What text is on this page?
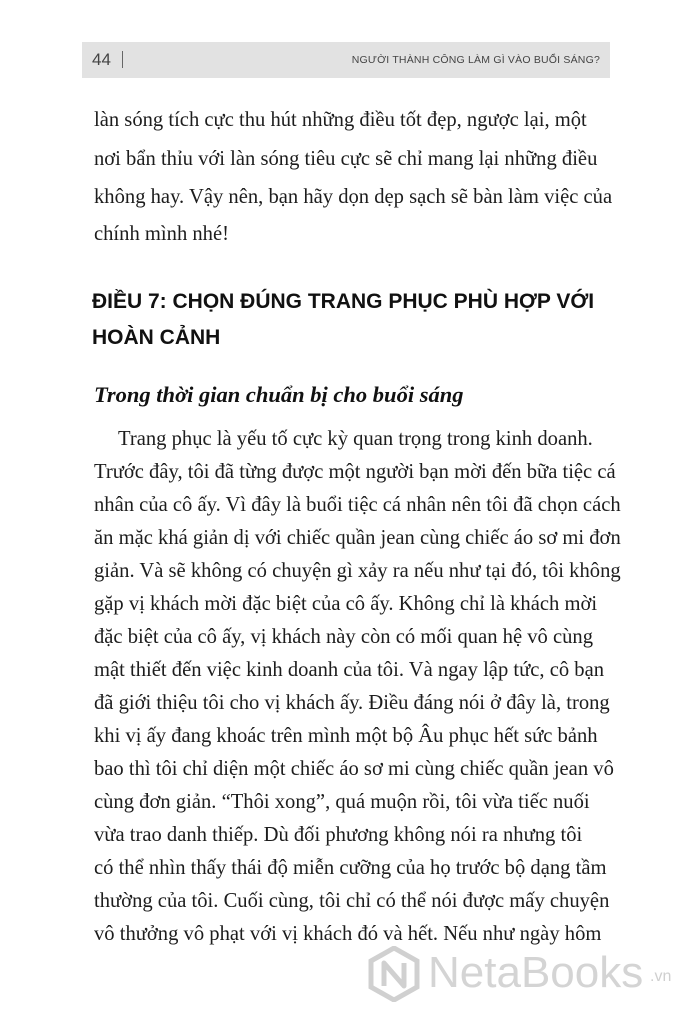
44	NGƯỜI THÀNH CÔNG LÀM GÌ VÀO BUỔI SÁNG?
làn sóng tích cực thu hút những điều tốt đẹp, ngược lại, một
nơi bẩn thỉu với làn sóng tiêu cực sẽ chỉ mang lại những điều
không hay. Vậy nên, bạn hãy dọn dẹp sạch sẽ bàn làm việc của
chính mình nhé!
ĐIỀU 7: CHỌN ĐÚNG TRANG PHỤC PHÙ HỢP VỚI
HOÀN CẢNH
Trong thời gian chuẩn bị cho buổi sáng
Trang phục là yếu tố cực kỳ quan trọng trong kinh doanh.
Trước đây, tôi đã từng được một người bạn mời đến bữa tiệc cá
nhân của cô ấy. Vì đây là buổi tiệc cá nhân nên tôi đã chọn cách
ăn mặc khá giản dị với chiếc quần jean cùng chiếc áo sơ mi đơn
giản. Và sẽ không có chuyện gì xảy ra nếu như tại đó, tôi không
gặp vị khách mời đặc biệt của cô ấy. Không chỉ là khách mời
đặc biệt của cô ấy, vị khách này còn có mối quan hệ vô cùng
mật thiết đến việc kinh doanh của tôi. Và ngay lập tức, cô bạn
đã giới thiệu tôi cho vị khách ấy. Điều đáng nói ở đây là, trong
khi vị ấy đang khoác trên mình một bộ Âu phục hết sức bảnh
bao thì tôi chỉ diện một chiếc áo sơ mi cùng chiếc quần jean vô
cùng đơn giản. “Thôi xong”, quá muộn rồi, tôi vừa tiếc nuối
vừa trao danh thiếp. Dù đối phương không nói ra nhưng tôi
có thể nhìn thấy thái độ miễn cưỡng của họ trước bộ dạng tầm
thường của tôi. Cuối cùng, tôi chỉ có thể nói được mấy chuyện
vô thưởng vô phạt với vị khách đó và hết. Nếu như ngày hôm
NetaBooks .vn
